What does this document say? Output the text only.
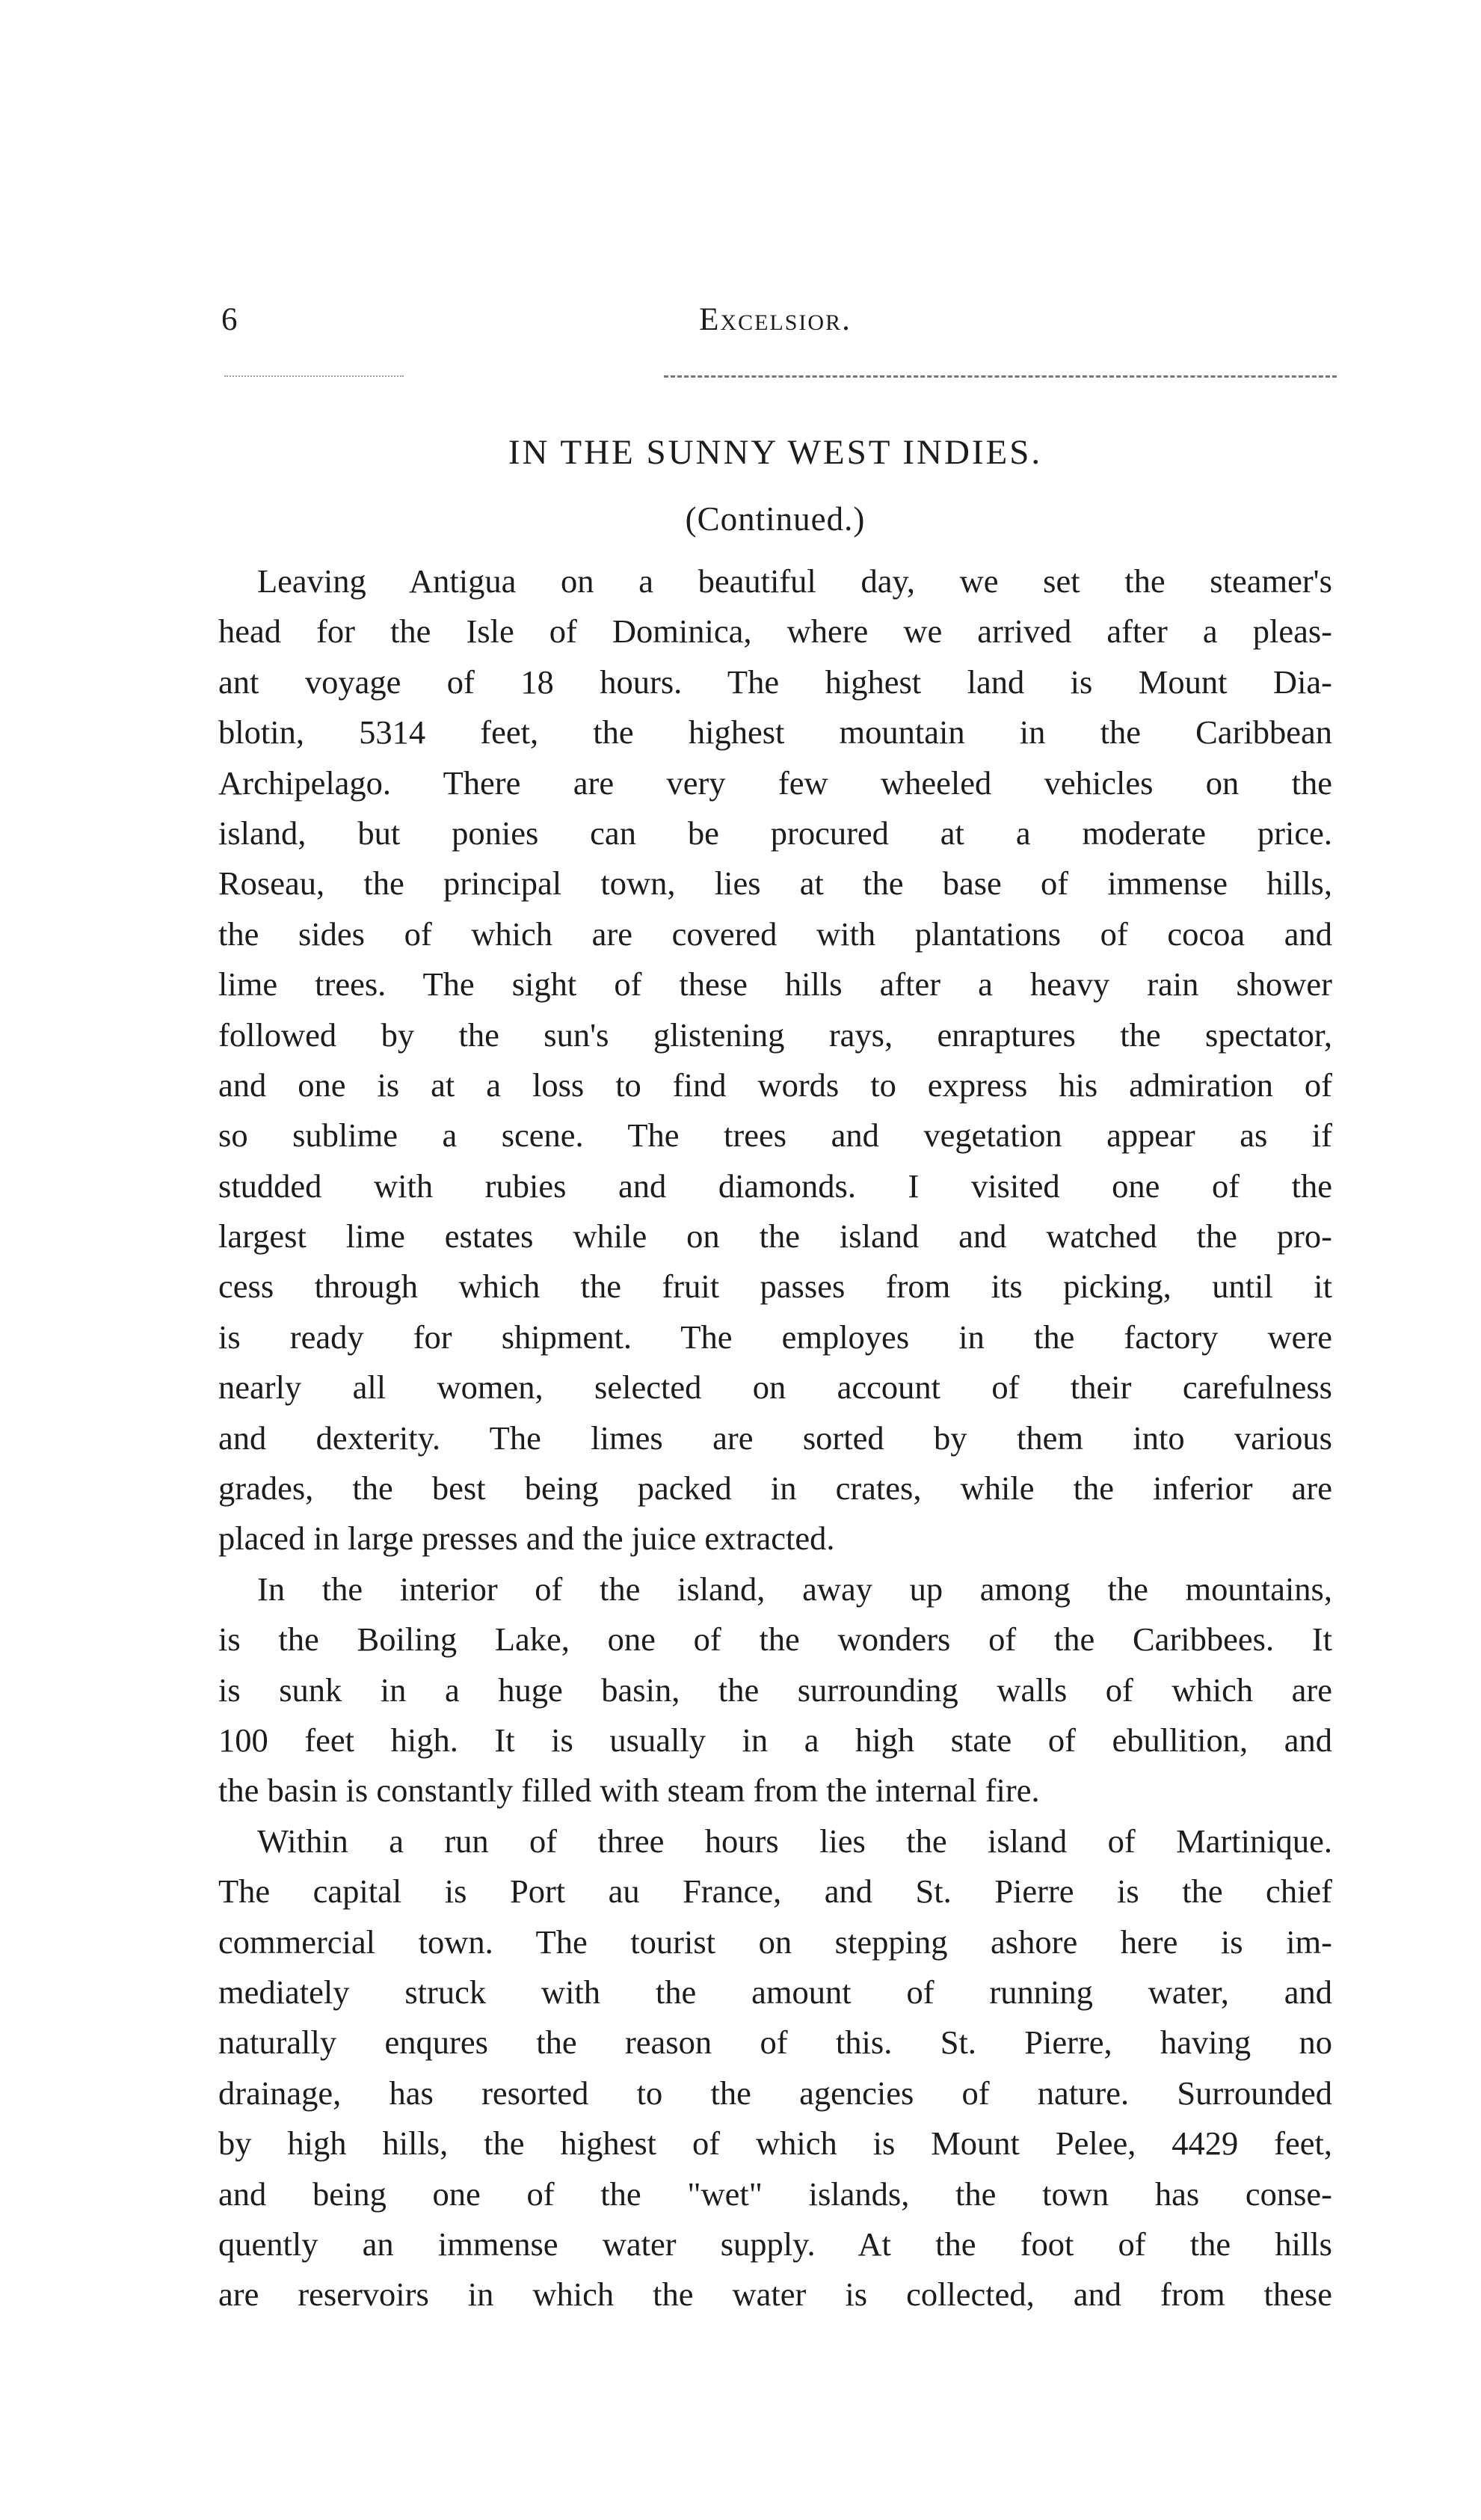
6	Excelsior.
IN THE SUNNY WEST INDIES.
(Continued.)
Leaving Antigua on a beautiful day, we set the steamer's
head for the Isle of Dominica, where we arrived after a pleas-
ant voyage of 18 hours. The highest land is Mount Dia-
blotin, 5314 feet, the highest mountain in the Caribbean
Archipelago. There are very few wheeled vehicles on the
island, but ponies can be procured at a moderate price.
Roseau, the principal town, lies at the base of immense hills,
the sides of which are covered with plantations of cocoa and
lime trees. The sight of these hills after a heavy rain shower
followed by the sun's glistening rays, enraptures the spectator,
and one is at a loss to find words to express his admiration of
so sublime a scene. The trees and vegetation appear as if
studded with rubies and diamonds. I visited one of the
largest lime estates while on the island and watched the pro-
cess through which the fruit passes from its picking, until it
is ready for shipment. The employes in the factory were
nearly all women, selected on account of their carefulness
and dexterity. The limes are sorted by them into various
grades, the best being packed in crates, while the inferior are
placed in large presses and the juice extracted.
In the interior of the island, away up among the mountains,
is the Boiling Lake, one of the wonders of the Caribbees. It
is sunk in a huge basin, the surrounding walls of which are
100 feet high. It is usually in a high state of ebullition, and
the basin is constantly filled with steam from the internal fire.
Within a run of three hours lies the island of Martinique.
The capital is Port au France, and St. Pierre is the chief
commercial town. The tourist on stepping ashore here is im-
mediately struck with the amount of running water, and
naturally enqures the reason of this. St. Pierre, having no
drainage, has resorted to the agencies of nature. Surrounded
by high hills, the highest of which is Mount Pelee, 4429 feet,
and being one of the "wet" islands, the town has conse-
quently an immense water supply. At the foot of the hills
are reservoirs in which the water is collected, and from these
